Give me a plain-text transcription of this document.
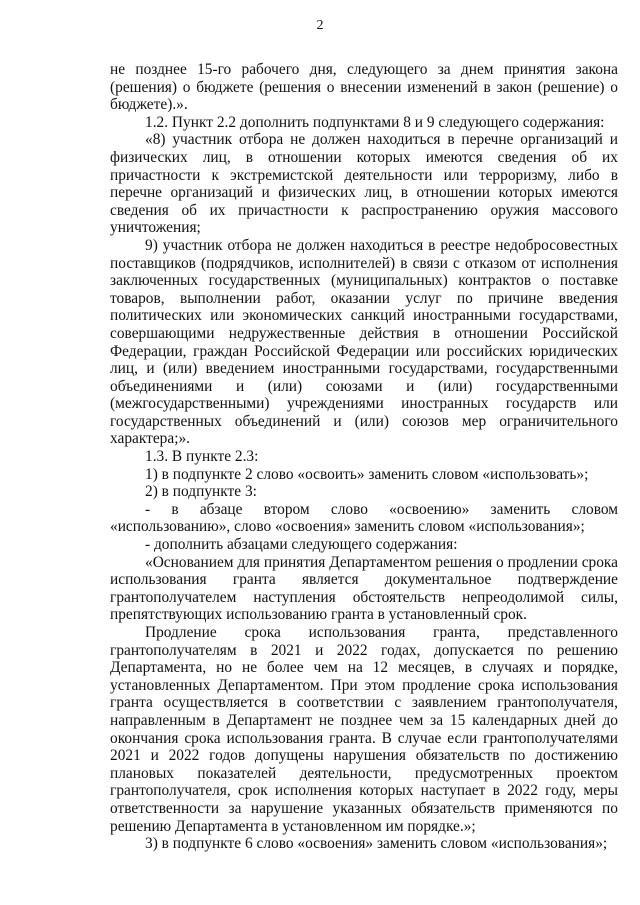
2

не позднее 15-го рабочего дня, следующего за днем принятия закона (решения) о бюджете (решения о внесении изменений в закон (решение) о бюджете).».

1.2. Пункт 2.2 дополнить подпунктами 8 и 9 следующего содержания:

«8) участник отбора не должен находиться в перечне организаций и физических лиц, в отношении которых имеются сведения об их причастности к экстремистской деятельности или терроризму, либо в перечне организаций и физических лиц, в отношении которых имеются сведения об их причастности к распространению оружия массового уничтожения;

9) участник отбора не должен находиться в реестре недобросовестных поставщиков (подрядчиков, исполнителей) в связи с отказом от исполнения заключенных государственных (муниципальных) контрактов о поставке товаров, выполнении работ, оказании услуг по причине введения политических или экономических санкций иностранными государствами, совершающими недружественные действия в отношении Российской Федерации, граждан Российской Федерации или российских юридических лиц, и (или) введением иностранными государствами, государственными объединениями и (или) союзами и (или) государственными (межгосударственными) учреждениями иностранных государств или государственных объединений и (или) союзов мер ограничительного характера;».

1.3. В пункте 2.3:

1) в подпункте 2 слово «освоить» заменить словом «использовать»;

2) в подпункте 3:

- в абзаце втором слово «освоению» заменить словом «использованию», слово «освоения» заменить словом «использования»;

- дополнить абзацами следующего содержания:

«Основанием для принятия Департаментом решения о продлении срока использования гранта является документальное подтверждение грантополучателем наступления обстоятельств непреодолимой силы, препятствующих использованию гранта в установленный срок.

Продление срока использования гранта, представленного грантополучателям в 2021 и 2022 годах, допускается по решению Департамента, но не более чем на 12 месяцев, в случаях и порядке, установленных Департаментом. При этом продление срока использования гранта осуществляется в соответствии с заявлением грантополучателя, направленным в Департамент не позднее чем за 15 календарных дней до окончания срока использования гранта. В случае если грантополучателями 2021 и 2022 годов допущены нарушения обязательств по достижению плановых показателей деятельности, предусмотренных проектом грантополучателя, срок исполнения которых наступает в 2022 году, меры ответственности за нарушение указанных обязательств применяются по решению Департамента в установленном им порядке.»;

3) в подпункте 6 слово «освоения» заменить словом «использования»;
